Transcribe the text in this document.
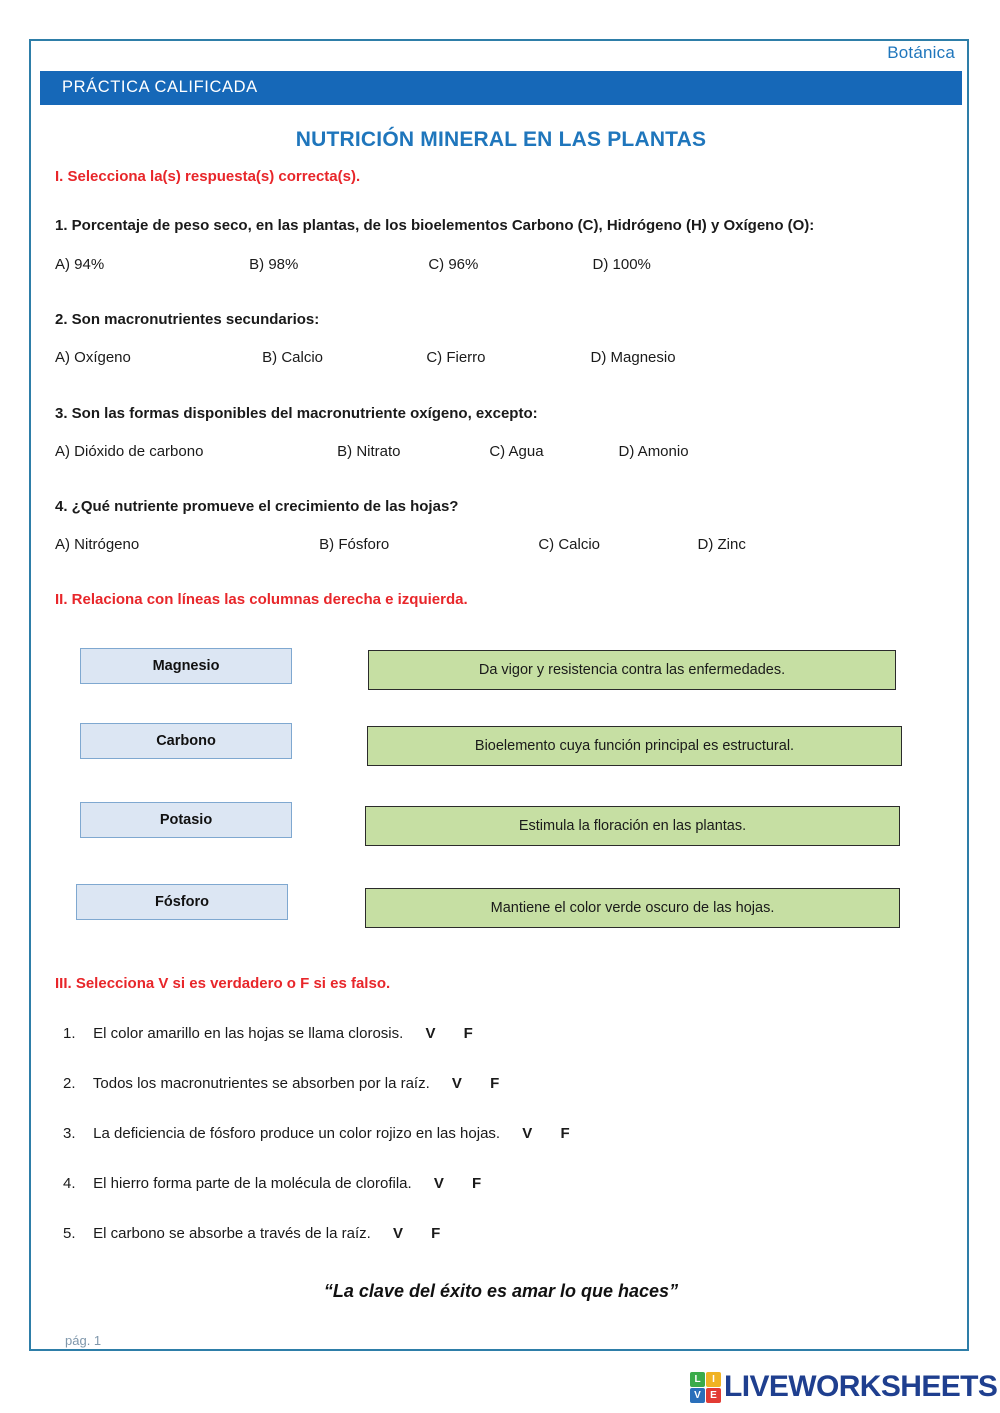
Botánica
PRÁCTICA CALIFICADA
NUTRICIÓN MINERAL EN LAS PLANTAS
I. Selecciona la(s) respuesta(s) correcta(s).
1. Porcentaje de peso seco, en las plantas, de los bioelementos Carbono (C), Hidrógeno (H) y Oxígeno (O):
A) 94%	B) 98%	C) 96%	D) 100%
2. Son macronutrientes secundarios:
A) Oxígeno	B) Calcio	C) Fierro	D) Magnesio
3. Son las formas disponibles del macronutriente oxígeno, excepto:
A) Dióxido de carbono	B) Nitrato	C) Agua	D) Amonio
4. ¿Qué nutriente promueve el crecimiento de las hojas?
A) Nitrógeno	B) Fósforo	C) Calcio	D) Zinc
II. Relaciona con líneas las columnas derecha e izquierda.
Magnesio
Carbono
Potasio
Fósforo
Da vigor y resistencia contra las enfermedades.
Bioelemento cuya función principal es estructural.
Estimula la floración en las plantas.
Mantiene el color verde oscuro de las hojas.
III. Selecciona V si es verdadero o F si es falso.
1. El color amarillo en las hojas se llama clorosis. V F
2. Todos los macronutrientes se absorben por la raíz. V F
3. La deficiencia de fósforo produce un color rojizo en las hojas. V F
4. El hierro forma parte de la molécula de clorofila. V F
5. El carbono se absorbe a través de la raíz. V F
“La clave del éxito es amar lo que haces”
pág. 1
L	I
V E LIVEWORKSHEETS
